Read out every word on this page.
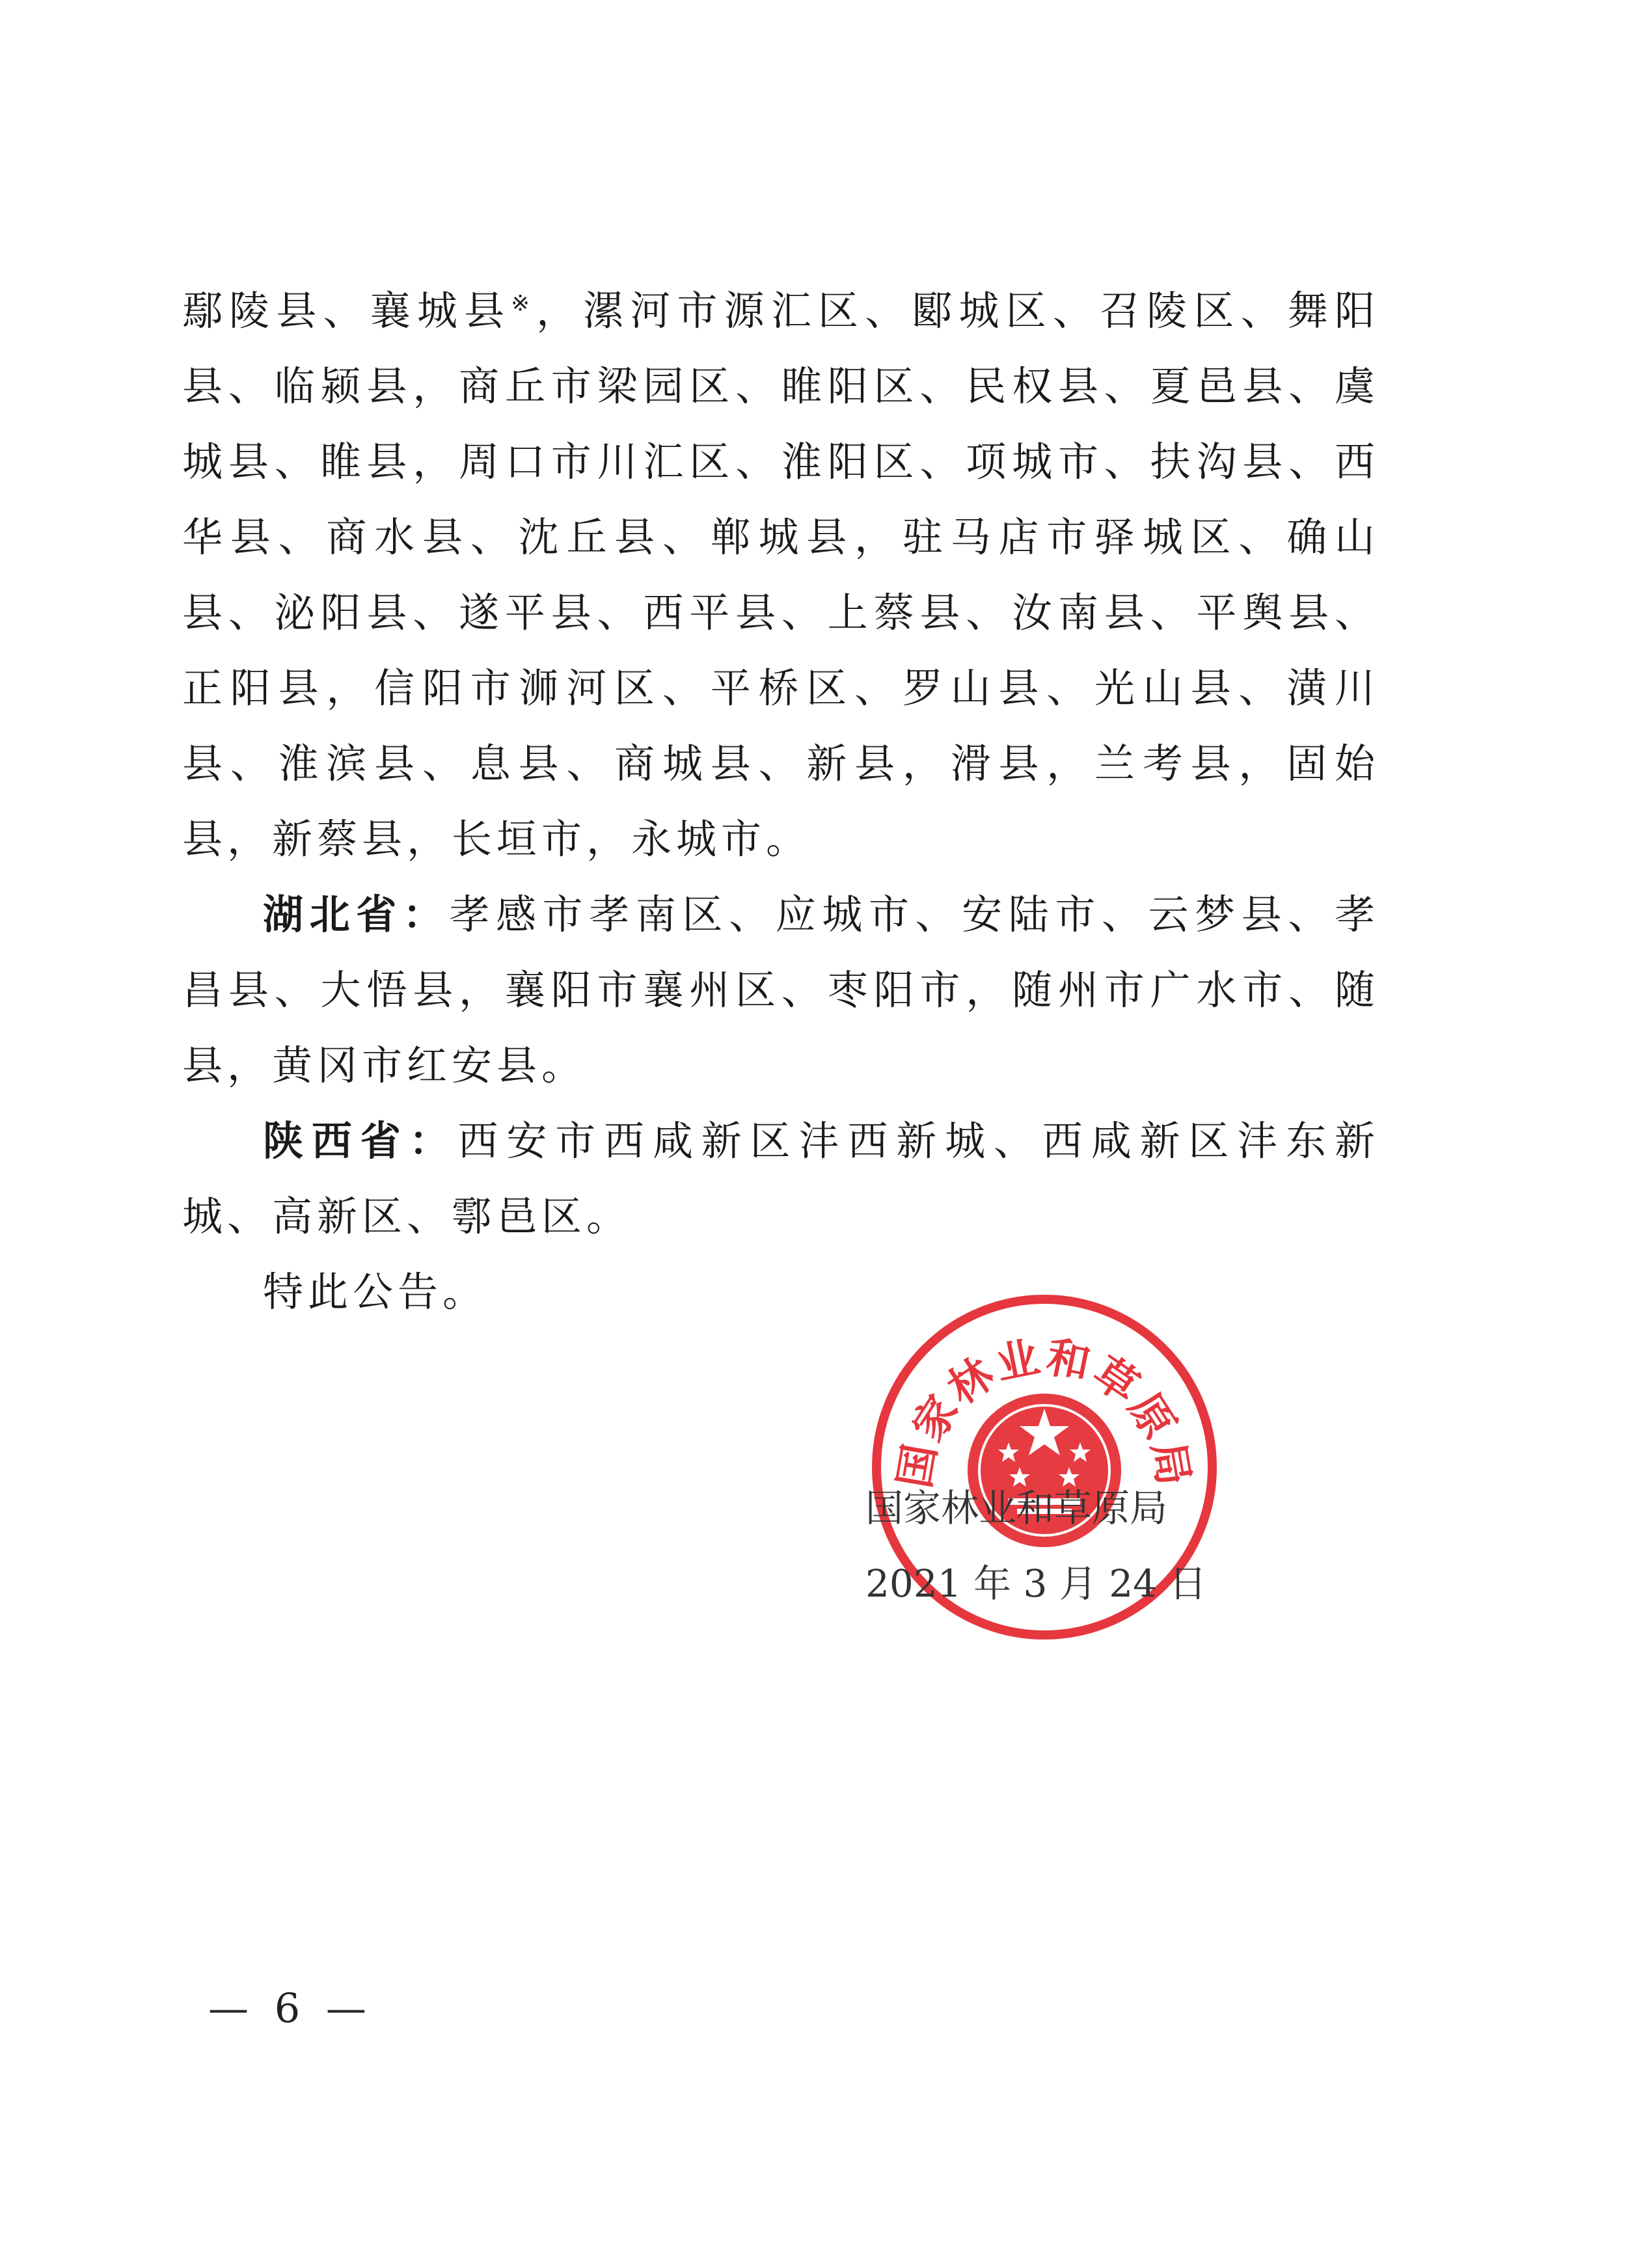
鄢陵县、襄城县※，漯河市源汇区、郾城区、召陵区、舞阳县、临颍县，商丘市梁园区、睢阳区、民权县、夏邑县、虞城县、睢县，周口市川汇区、淮阳区、项城市、扶沟县、西华县、商水县、沈丘县、郸城县，驻马店市驿城区、确山县、泌阳县、遂平县、西平县、上蔡县、汝南县、平舆县、正阳县，信阳市浉河区、平桥区、罗山县、光山县、潢川县、淮滨县、息县、商城县、新县，滑县，兰考县，固始县，新蔡县，长垣市，永城市。

湖北省：孝感市孝南区、应城市、安陆市、云梦县、孝昌县、大悟县，襄阳市襄州区、枣阳市，随州市广水市、随县，黄冈市红安县。

陕西省：西安市西咸新区沣西新城、西咸新区沣东新城、高新区、鄠邑区。

特此公告。

国家林业和草原局
国家林业和草原局
2021 年 3 月 24 日
— 6 —
